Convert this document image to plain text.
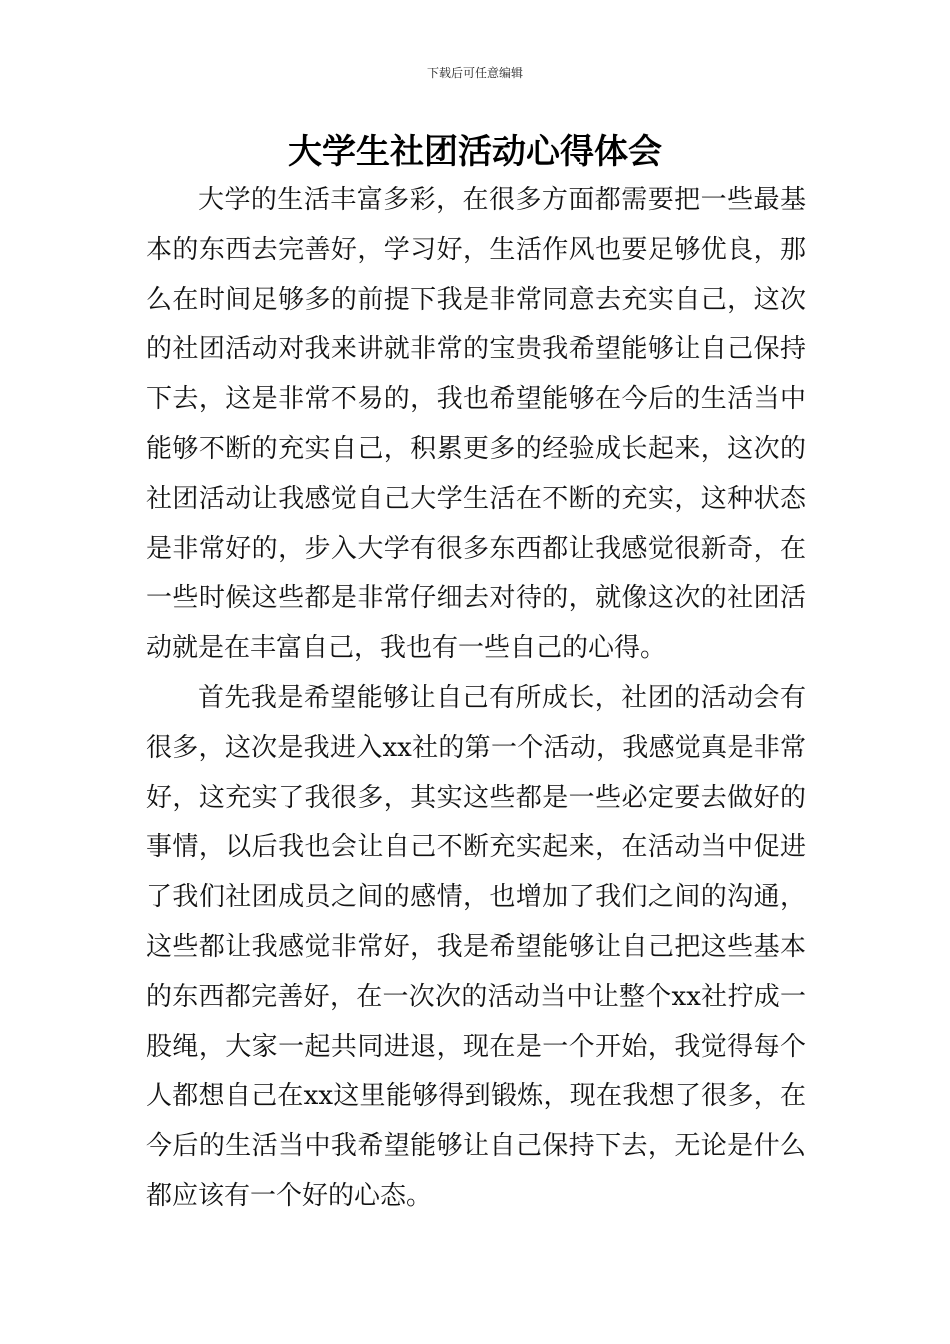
下载后可任意编辑
大学生社团活动心得体会

大学的生活丰富多彩，在很多方面都需要把一些最基本的东西去完善好，学习好，生活作风也要足够优良，那么在时间足够多的前提下我是非常同意去充实自己，这次的社团活动对我来讲就非常的宝贵我希望能够让自己保持下去，这是非常不易的，我也希望能够在今后的生活当中能够不断的充实自己，积累更多的经验成长起来，这次的社团活动让我感觉自己大学生活在不断的充实，这种状态是非常好的，步入大学有很多东西都让我感觉很新奇，在一些时候这些都是非常仔细去对待的，就像这次的社团活动就是在丰富自己，我也有一些自己的心得。

首先我是希望能够让自己有所成长，社团的活动会有很多，这次是我进入xx社的第一个活动，我感觉真是非常好，这充实了我很多，其实这些都是一些必定要去做好的事情，以后我也会让自己不断充实起来，在活动当中促进了我们社团成员之间的感情，也增加了我们之间的沟通，这些都让我感觉非常好，我是希望能够让自己把这些基本的东西都完善好，在一次次的活动当中让整个xx社拧成一股绳，大家一起共同进退，现在是一个开始，我觉得每个人都想自己在xx这里能够得到锻炼，现在我想了很多，在今后的生活当中我希望能够让自己保持下去，无论是什么都应该有一个好的心态。
